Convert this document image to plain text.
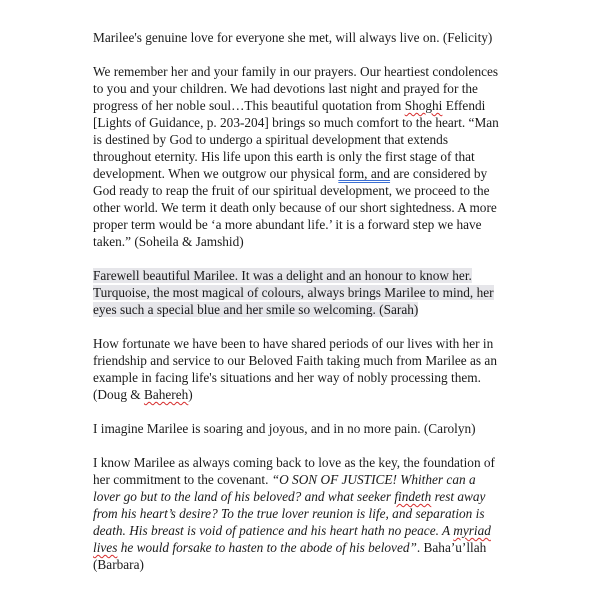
Marilee's genuine love for everyone she met, will always live on. (Felicity)

We remember her and your family in our prayers. Our heartiest condolences to you and your children. We had devotions last night and prayed for the progress of her noble soul…This beautiful quotation from Shoghi Effendi [Lights of Guidance, p. 203-204] brings so much comfort to the heart. “Man is destined by God to undergo a spiritual development that extends throughout eternity. His life upon this earth is only the first stage of that development. When we outgrow our physical form, and are considered by God ready to reap the fruit of our spiritual development, we proceed to the other world. We term it death only because of our short sightedness. A more proper term would be ‘a more abundant life.’ it is a forward step we have taken.” (Soheila & Jamshid)

Farewell beautiful Marilee. It was a delight and an honour to know her. Turquoise, the most magical of colours, always brings Marilee to mind, her eyes such a special blue and her smile so welcoming. (Sarah)

How fortunate we have been to have shared periods of our lives with her in friendship and service to our Beloved Faith taking much from Marilee as an example in facing life's situations and her way of nobly processing them. (Doug & Bahereh)

I imagine Marilee is soaring and joyous, and in no more pain. (Carolyn)

I know Marilee as always coming back to love as the key, the foundation of her commitment to the covenant. “O SON OF JUSTICE! Whither can a lover go but to the land of his beloved? and what seeker findeth rest away from his heart’s desire? To the true lover reunion is life, and separation is death. His breast is void of patience and his heart hath no peace. A myriad lives he would forsake to hasten to the abode of his beloved”. Baha’u’llah (Barbara)
